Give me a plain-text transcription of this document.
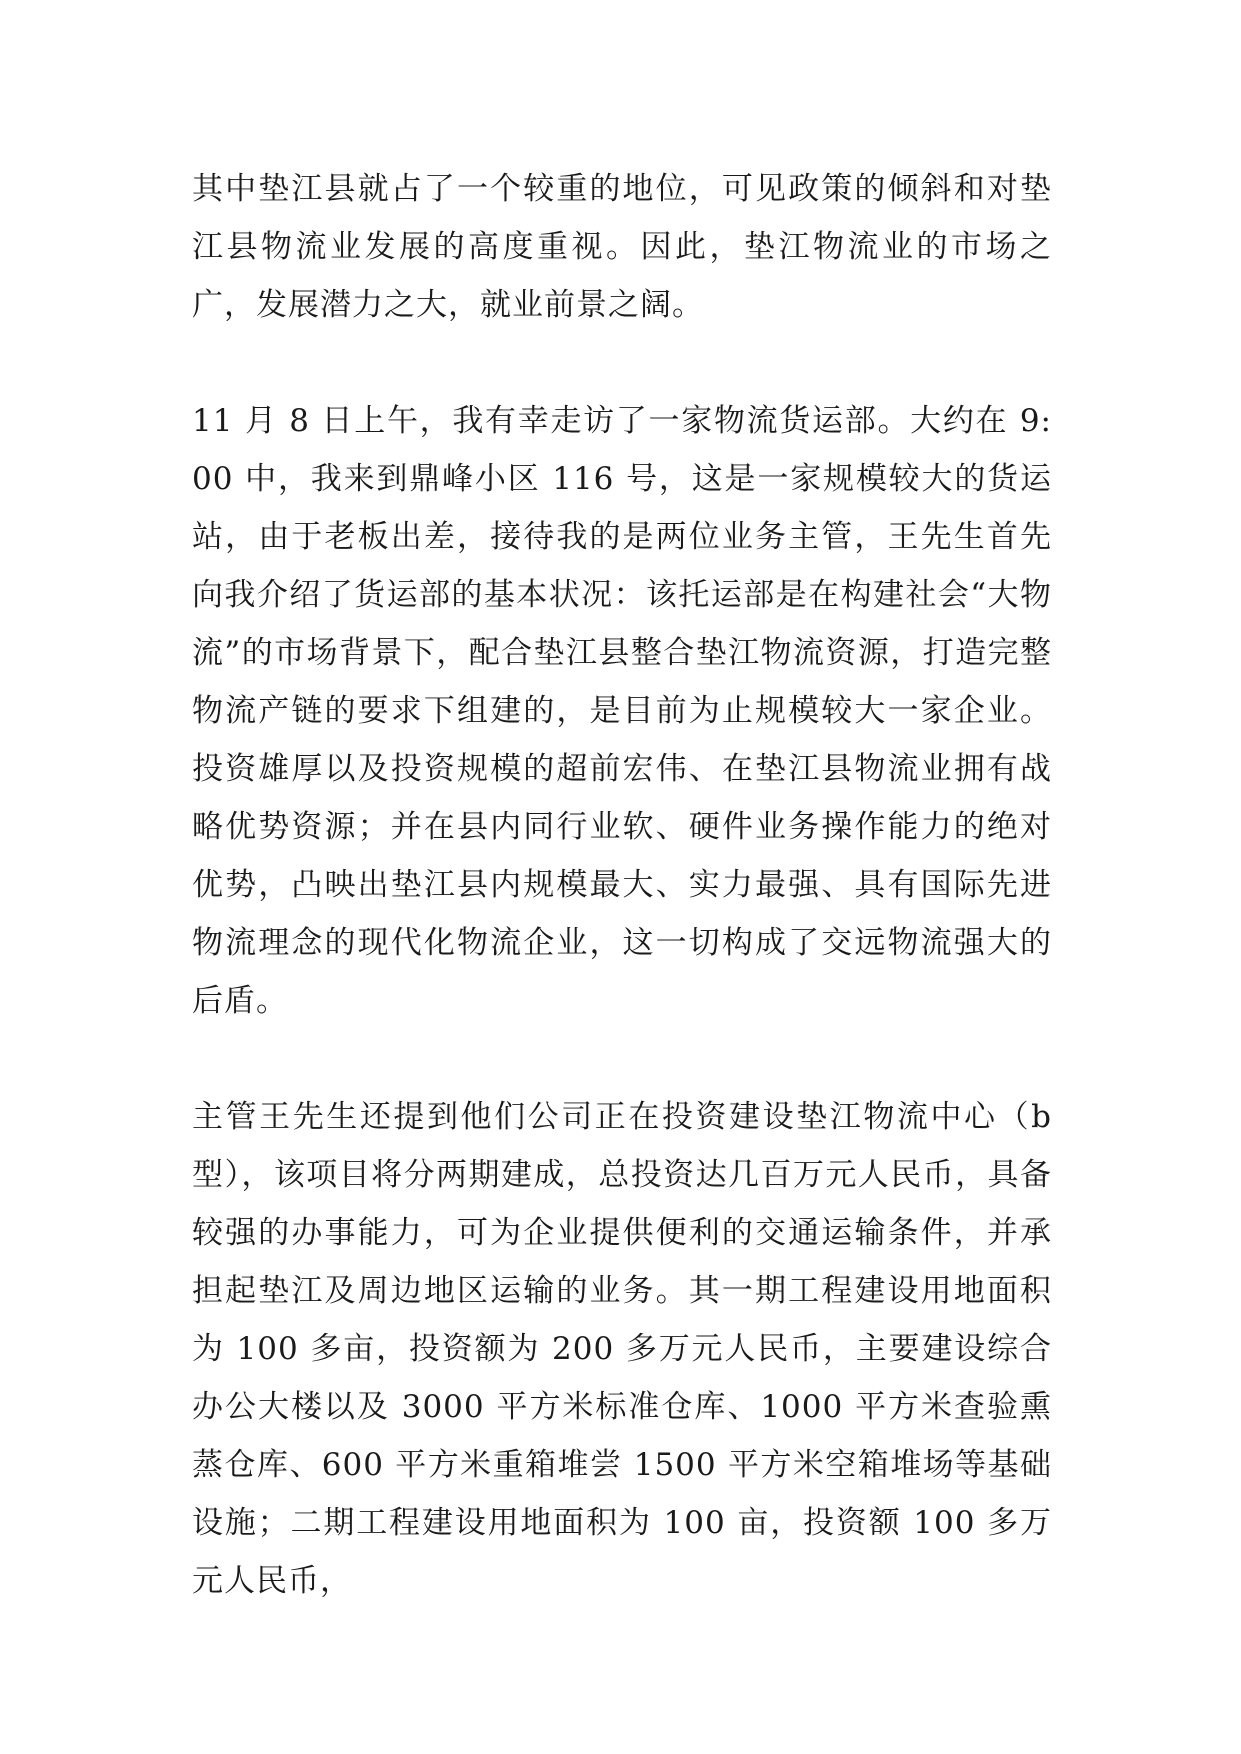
其中垫江县就占了一个较重的地位，可见政策的倾斜和对垫江县物流业发展的高度重视。因此，垫江物流业的市场之广，发展潜力之大，就业前景之阔。

11 月 8 日上午，我有幸走访了一家物流货运部。大约在 9:00 中，我来到鼎峰小区 116 号，这是一家规模较大的货运站，由于老板出差，接待我的是两位业务主管，王先生首先向我介绍了货运部的基本状况：该托运部是在构建社会“大物流”的市场背景下，配合垫江县整合垫江物流资源，打造完整物流产链的要求下组建的，是目前为止规模较大一家企业。投资雄厚以及投资规模的超前宏伟、在垫江县物流业拥有战略优势资源；并在县内同行业软、硬件业务操作能力的绝对优势，凸映出垫江县内规模最大、实力最强、具有国际先进物流理念的现代化物流企业，这一切构成了交远物流强大的后盾。

主管王先生还提到他们公司正在投资建设垫江物流中心（b 型），该项目将分两期建成，总投资达几百万元人民币，具备较强的办事能力，可为企业提供便利的交通运输条件，并承担起垫江及周边地区运输的业务。其一期工程建设用地面积为 100 多亩，投资额为 200 多万元人民币，主要建设综合办公大楼以及 3000 平方米标准仓库、1000 平方米查验熏蒸仓库、600 平方米重箱堆尝 1500 平方米空箱堆场等基础设施；二期工程建设用地面积为 100 亩，投资额 100 多万元人民币，
